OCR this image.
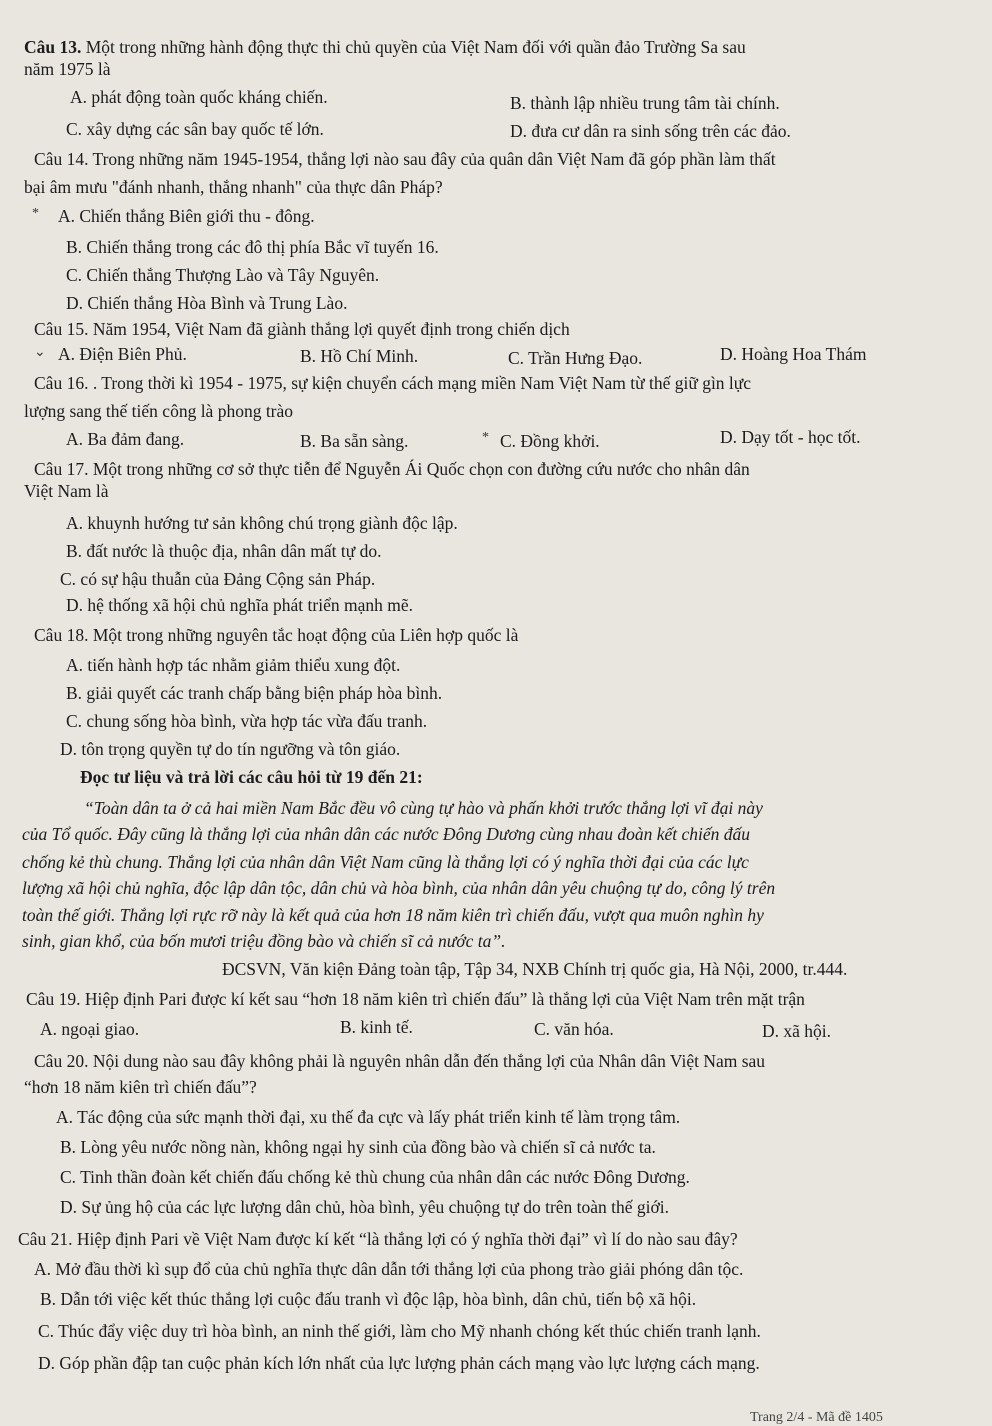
Câu 13. Một trong những hành động thực thi chủ quyền của Việt Nam đối với quần đảo Trường Sa sau
năm 1975 là
A. phát động toàn quốc kháng chiến.	B. thành lập nhiều trung tâm tài chính.
C. xây dựng các sân bay quốc tế lớn.	D. đưa cư dân ra sinh sống trên các đảo.
Câu 14. Trong những năm 1945-1954, thắng lợi nào sau đây của quân dân Việt Nam đã góp phần làm thất
bại âm mưu "đánh nhanh, thắng nhanh" của thực dân Pháp?
* A. Chiến thắng Biên giới thu - đông.
B. Chiến thắng trong các đô thị phía Bắc vĩ tuyến 16.
C. Chiến thắng Thượng Lào và Tây Nguyên.
D. Chiến thắng Hòa Bình và Trung Lào.
Câu 15. Năm 1954, Việt Nam đã giành thắng lợi quyết định trong chiến dịch
⌄ A. Điện Biên Phủ.	B. Hồ Chí Minh.	C. Trần Hưng Đạo.	D. Hoàng Hoa Thám
Câu 16. . Trong thời kì 1954 - 1975, sự kiện chuyển cách mạng miền Nam Việt Nam từ thế giữ gìn lực
lượng sang thế tiến công là phong trào
A. Ba đảm đang.	B. Ba sẵn sàng.	* C. Đồng khởi.	D. Dạy tốt - học tốt.
Câu 17. Một trong những cơ sở thực tiễn để Nguyễn Ái Quốc chọn con đường cứu nước cho nhân dân
Việt Nam là
A. khuynh hướng tư sản không chú trọng giành độc lập.
B. đất nước là thuộc địa, nhân dân mất tự do.
C. có sự hậu thuẫn của Đảng Cộng sản Pháp.
D. hệ thống xã hội chủ nghĩa phát triển mạnh mẽ.
Câu 18. Một trong những nguyên tắc hoạt động của Liên hợp quốc là
A. tiến hành hợp tác nhằm giảm thiểu xung đột.
B. giải quyết các tranh chấp bằng biện pháp hòa bình.
C. chung sống hòa bình, vừa hợp tác vừa đấu tranh.
D. tôn trọng quyền tự do tín ngưỡng và tôn giáo.
Đọc tư liệu và trả lời các câu hỏi từ 19 đến 21:
“Toàn dân ta ở cả hai miền Nam Bắc đều vô cùng tự hào và phấn khởi trước thắng lợi vĩ đại này
của Tổ quốc. Đây cũng là thắng lợi của nhân dân các nước Đông Dương cùng nhau đoàn kết chiến đấu
chống kẻ thù chung. Thắng lợi của nhân dân Việt Nam cũng là thắng lợi có ý nghĩa thời đại của các lực
lượng xã hội chủ nghĩa, độc lập dân tộc, dân chủ và hòa bình, của nhân dân yêu chuộng tự do, công lý trên
toàn thế giới. Thắng lợi rực rỡ này là kết quả của hơn 18 năm kiên trì chiến đấu, vượt qua muôn nghìn hy
sinh, gian khổ, của bốn mươi triệu đồng bào và chiến sĩ cả nước ta”.
ĐCSVN, Văn kiện Đảng toàn tập, Tập 34, NXB Chính trị quốc gia, Hà Nội, 2000, tr.444.
Câu 19. Hiệp định Pari được kí kết sau “hơn 18 năm kiên trì chiến đấu” là thắng lợi của Việt Nam trên mặt trận
A. ngoại giao.	B. kinh tế.	C. văn hóa.	D. xã hội.
Câu 20. Nội dung nào sau đây không phải là nguyên nhân dẫn đến thắng lợi của Nhân dân Việt Nam sau
“hơn 18 năm kiên trì chiến đấu”?
A. Tác động của sức mạnh thời đại, xu thế đa cực và lấy phát triển kinh tế làm trọng tâm.
B. Lòng yêu nước nồng nàn, không ngại hy sinh của đồng bào và chiến sĩ cả nước ta.
C. Tinh thần đoàn kết chiến đấu chống kẻ thù chung của nhân dân các nước Đông Dương.
D. Sự ủng hộ của các lực lượng dân chủ, hòa bình, yêu chuộng tự do trên toàn thế giới.
Câu 21. Hiệp định Pari về Việt Nam được kí kết “là thắng lợi có ý nghĩa thời đại” vì lí do nào sau đây?
A. Mở đầu thời kì sụp đổ của chủ nghĩa thực dân dẫn tới thắng lợi của phong trào giải phóng dân tộc.
B. Dẫn tới việc kết thúc thắng lợi cuộc đấu tranh vì độc lập, hòa bình, dân chủ, tiến bộ xã hội.
C. Thúc đẩy việc duy trì hòa bình, an ninh thế giới, làm cho Mỹ nhanh chóng kết thúc chiến tranh lạnh.
D. Góp phần đập tan cuộc phản kích lớn nhất của lực lượng phản cách mạng vào lực lượng cách mạng.
Trang 2/4 - Mã đề 1405
